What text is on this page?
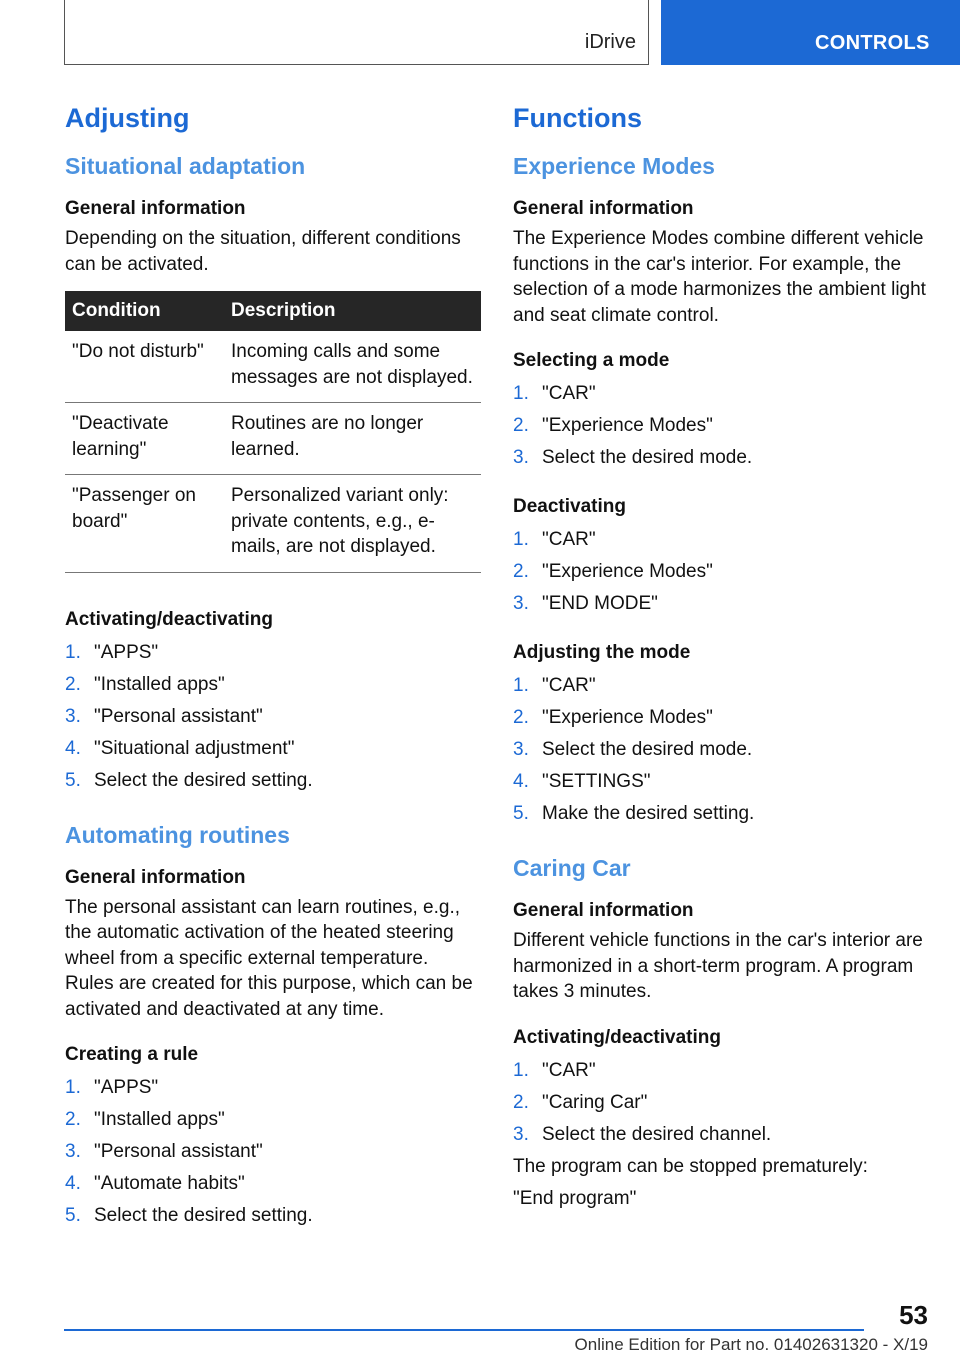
iDrive	CONTROLS
Adjusting
Situational adaptation
General information

Depending on the situation, different conditions can be activated.

Condition	Description
"Do not disturb"	Incoming calls and some messages are not displayed.
"Deactivate learning"	Routines are no longer learned.
"Passenger on board"	Personalized variant only: private contents, e.g., e-mails, are not displayed.
Activating/deactivating
1. "APPS"
2. "Installed apps"
3. "Personal assistant"
4. "Situational adjustment"
5. Select the desired setting.
Automating routines
General information

The personal assistant can learn routines, e.g., the automatic activation of the heated steering wheel from a specific external temperature. Rules are created for this purpose, which can be activated and deactivated at any time.

Creating a rule
1. "APPS"
2. "Installed apps"
3. "Personal assistant"
4. "Automate habits"
5. Select the desired setting.
Functions
Experience Modes
General information

The Experience Modes combine different vehicle functions in the car's interior. For example, the selection of a mode harmonizes the ambient light and seat climate control.

Selecting a mode
1. "CAR"
2. "Experience Modes"
3. Select the desired mode.
Deactivating
1. "CAR"
2. "Experience Modes"
3. "END MODE"
Adjusting the mode
1. "CAR"
2. "Experience Modes"
3. Select the desired mode.
4. "SETTINGS"
5. Make the desired setting.
Caring Car
General information

Different vehicle functions in the car's interior are harmonized in a short-term program. A program takes 3 minutes.

Activating/deactivating
1. "CAR"
2. "Caring Car"
3. Select the desired channel.

The program can be stopped prematurely:

"End program"

53
Online Edition for Part no. 01402631320 - X/19
